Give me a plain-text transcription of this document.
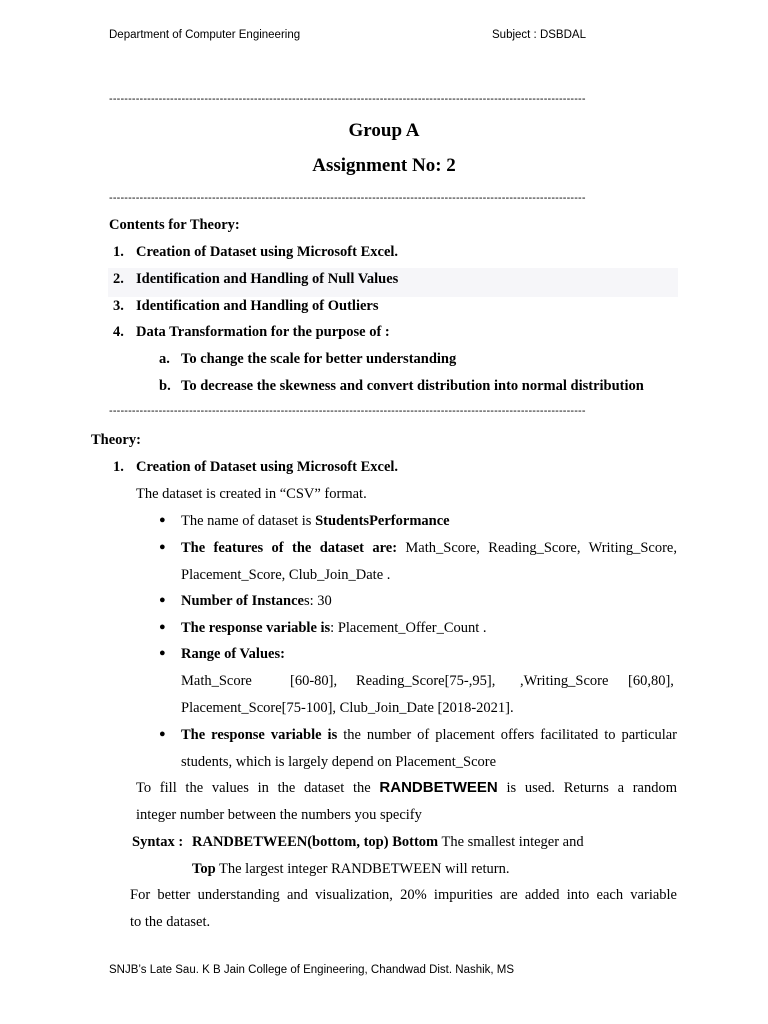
Department of Computer Engineering	Subject : DSBDAL
-----------------------------------------------------------------------------------------------------------------------------
Group A
Assignment No: 2
-----------------------------------------------------------------------------------------------------------------------------
Contents for Theory:
1. Creation of Dataset using Microsoft Excel.
2. Identification and Handling of Null Values
3. Identification and Handling of Outliers
4. Data Transformation for the purpose of :
a. To change the scale for better understanding
b. To decrease the skewness and convert distribution into normal distribution
-----------------------------------------------------------------------------------------------------------------------------
Theory:
1. Creation of Dataset using Microsoft Excel.
The dataset is created in “CSV” format.
● The name of dataset is StudentsPerformance
● The features of the dataset are: Math_Score, Reading_Score, Writing_Score,
Placement_Score, Club_Join_Date .
● Number of Instances: 30
● The response variable is: Placement_Offer_Count .
● Range of Values:
Math_Score	[60-80], Reading_Score[75-,95], ,Writing_Score [60,80],
Placement_Score[75-100], Club_Join_Date [2018-2021].
● The response variable is the number of placement offers facilitated to particular
students, which is largely depend on Placement_Score
To fill the values in the dataset the RANDBETWEEN is used. Returns a random
integer number between the numbers you specify
Syntax : RANDBETWEEN(bottom, top) Bottom The smallest integer and
Top The largest integer RANDBETWEEN will return.
For better understanding and visualization, 20% impurities are added into each variable
to the dataset.
SNJB’s Late Sau. K B Jain College of Engineering, Chandwad Dist. Nashik, MS
